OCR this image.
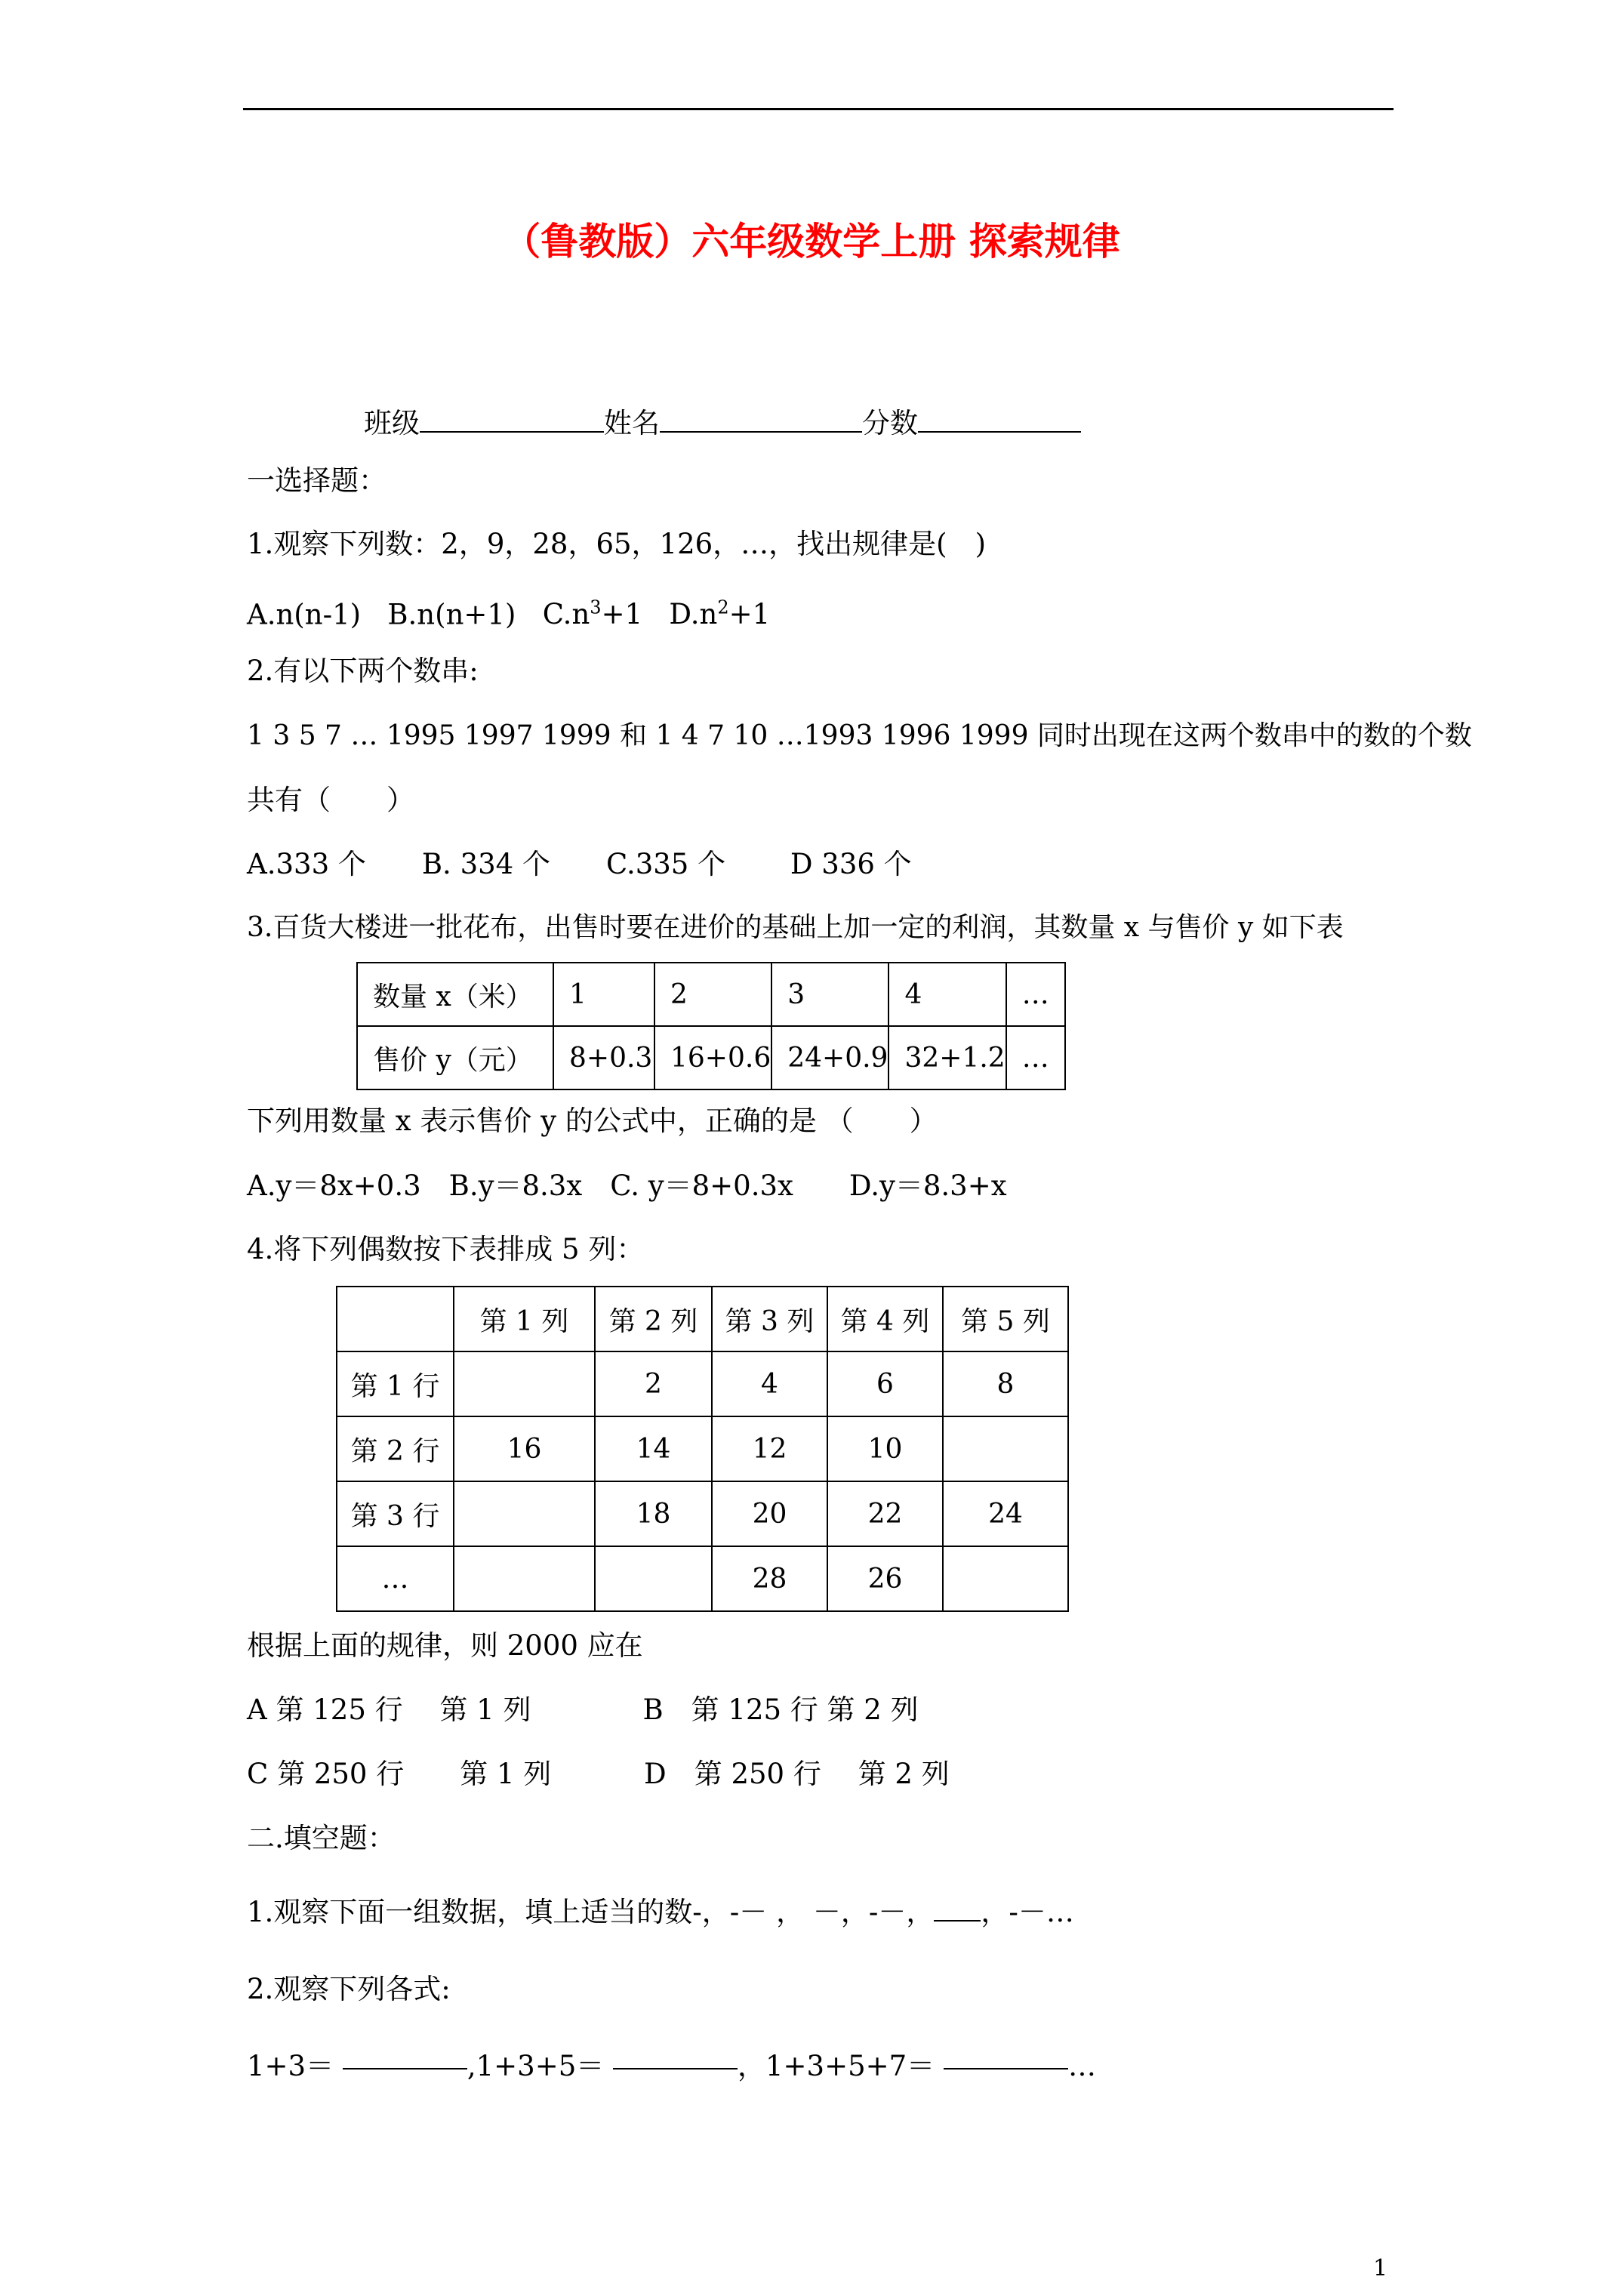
（鲁教版）六年级数学上册 探索规律
班级	姓名	分数
一选择题：
1.观察下列数：2，9，28，65，126，…，找出规律是(　)
A.n(n-1) B.n(n+1) $C.n^3+1$ $D.n^2+1$
2.有以下两个数串:
1 3 5 7 … 1995 1997 1999 和 1 4 7 10 …1993 1996 1999 同时出现在这两个数串中的数的个数
共有（　　）
A.333 个　　B. 334 个　　C.335 个　　 D 336 个
3.百货大楼进一批花布，出售时要在进价的基础上加一定的利润，其数量 x 与售价 y 如下表
数量 x（米）	1	2	3	4	…
售价 y（元）	8+0.3	16+0.6	24+0.9	32+1.2	…
下列用数量 x 表示售价 y 的公式中，正确的是 （　　）
A.y＝8x+0.3　B.y＝8.3x　C. y＝8+0.3x　　D.y＝8.3+x
4.将下列偶数按下表排成 5 列：
	第 1 列	第 2 列	第 3 列	第 4 列	第 5 列
第 1 行		2	4	6	8
第 2 行	16	14	12	10	
第 3 行		18	20	22	24
…			28	26	
根据上面的规律，则 2000 应在
A 第 125 行　 第 1 列　　　　B　第 125 行 第 2 列
C 第 250 行　　第 1 列　　　 D　第 250 行　 第 2 列
二.填空题：
1.观察下面一组数据，填上适当的数-，-－ ， －，-－， ，-－…
2.观察下列各式:
1+3＝	,1+3+5＝	，1+3+5+7＝	…
1
